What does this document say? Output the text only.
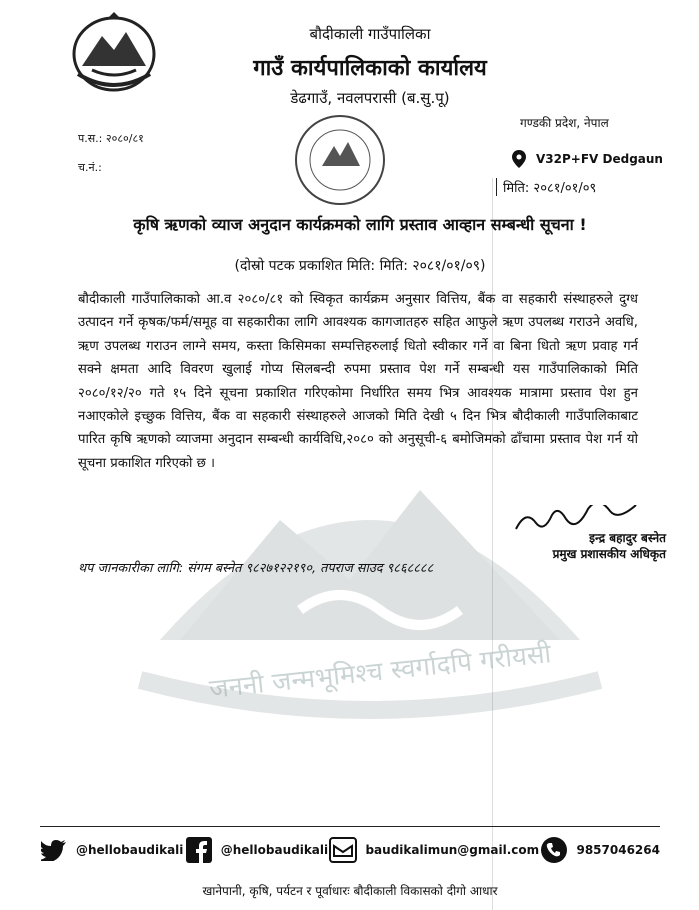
जननी जन्मभूमिश्च स्वर्गादपि गरीयसी
बौदीकाली गाउँपालिका
गाउँ कार्यपालिकाको कार्यालय
डेढगाउँ, नवलपरासी (ब.सु.पू)
गण्डकी प्रदेश, नेपाल
प.स.: २०८०/८१
च.नं.:
V32P+FV Dedgaun
मिति: २०८१/०१/०९
कृषि ऋणको व्याज अनुदान कार्यक्रमको लागि प्रस्ताव आव्हान सम्बन्धी सूचना !
(दोस्रो पटक प्रकाशित मिति: मिति: २०८१/०१/०९)
बौदीकाली गाउँपालिकाको आ.व २०८०/८१ को स्विकृत कार्यक्रम अनुसार वित्तिय, बैंक वा सहकारी संस्थाहरुले दुग्ध उत्पादन गर्ने कृषक/फर्म/समूह वा सहकारीका लागि आवश्यक कागजातहरु सहित आफुले ऋण उपलब्ध गराउने अवधि, ऋण उपलब्ध गराउन लाग्ने समय, कस्ता किसिमका सम्पत्तिहरुलाई धितो स्वीकार गर्ने वा बिना धितो ऋण प्रवाह गर्न सक्ने क्षमता आदि विवरण खुलाई गोप्य सिलबन्दी रुपमा प्रस्ताव पेश गर्ने सम्बन्धी यस गाउँपालिकाको मिति २०८०/१२/२० गते १५ दिने सूचना प्रकाशित गरिएकोमा निर्धारित समय भित्र आवश्यक मात्रामा प्रस्ताव पेश हुन नआएकोले इच्छुक वित्तिय, बैंक वा सहकारी संस्थाहरुले आजको मिति देखी ५ दिन भित्र बौदीकाली गाउँपालिकाबाट पारित कृषि ऋणको व्याजमा अनुदान सम्बन्धी कार्यविधि,२०८० को अनुसूची-६ बमोजिमको ढाँचामा प्रस्ताव पेश गर्न यो सूचना प्रकाशित गरिएको छ ।
इन्द्र बहादुर बस्नेत
प्रमुख प्रशासकीय अधिकृत
थप जानकारीका लागि: संगम बस्नेत ९८२७१२२१९०, तपराज साउद ९८६८८८८
@hellobaudikali	@hellobaudikali	baudikalimun@gmail.com	9857046264
खानेपानी, कृषि, पर्यटन र पूर्वाधारः बौदीकाली विकासको दीगो आधार
